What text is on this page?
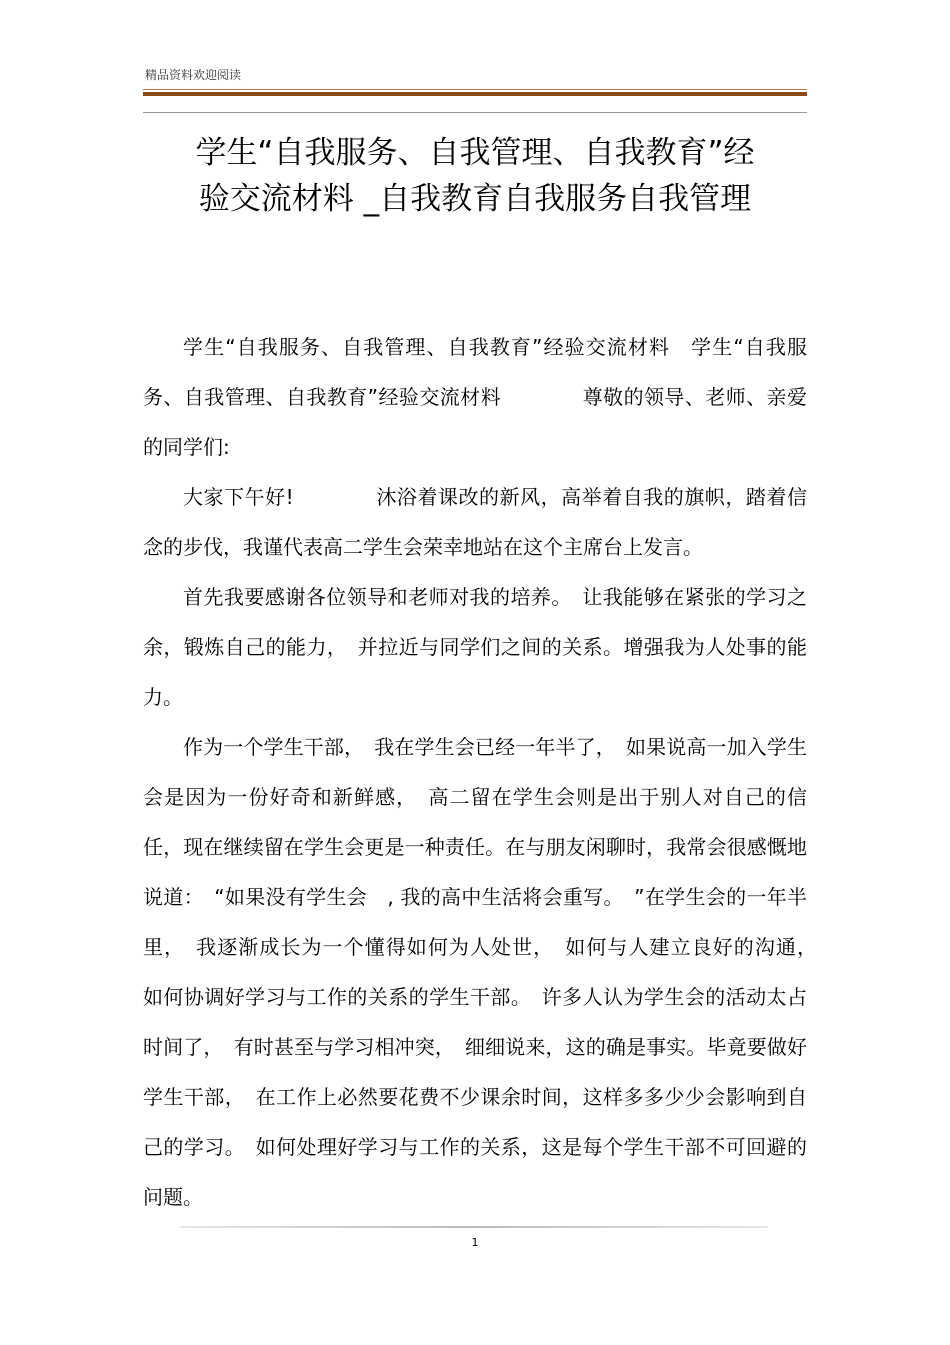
精品资料欢迎阅读
学生“自我服务、自我管理、自我教育”经
验交流材料 _自我教育自我服务自我管理

学生“自我服务、自我管理、自我教育”经验交流材料　学生“自我服务、自我管理、自我教育”经验交流材料　　　　尊敬的领导、老师、亲爱的同学们:

大家下午好!　　　　沐浴着课改的新风，高举着自我的旗帜，踏着信念的步伐，我谨代表高二学生会荣幸地站在这个主席台上发言。

首先我要感谢各位领导和老师对我的培养。　让我能够在紧张的学习之余，锻炼自己的能力，　并拉近与同学们之间的关系。增强我为人处事的能力。

作为一个学生干部，　我在学生会已经一年半了，　如果说高一加入学生会是因为一份好奇和新鲜感，　高二留在学生会则是出于别人对自己的信任，现在继续留在学生会更是一种责任。在与朋友闲聊时，我常会很感慨地说道：　“如果没有学生会　, 我的高中生活将会重写。　”在学生会的一年半里，　我逐渐成长为一个懂得如何为人处世，　如何与人建立良好的沟通，　如何协调好学习与工作的关系的学生干部。　许多人认为学生会的活动太占时间了，　有时甚至与学习相冲突，　细细说来，这的确是事实。毕竟要做好学生干部，　在工作上必然要花费不少课余时间，这样多多少少会影响到自己的学习。　如何处理好学习与工作的关系，这是每个学生干部不可回避的问题。

1
